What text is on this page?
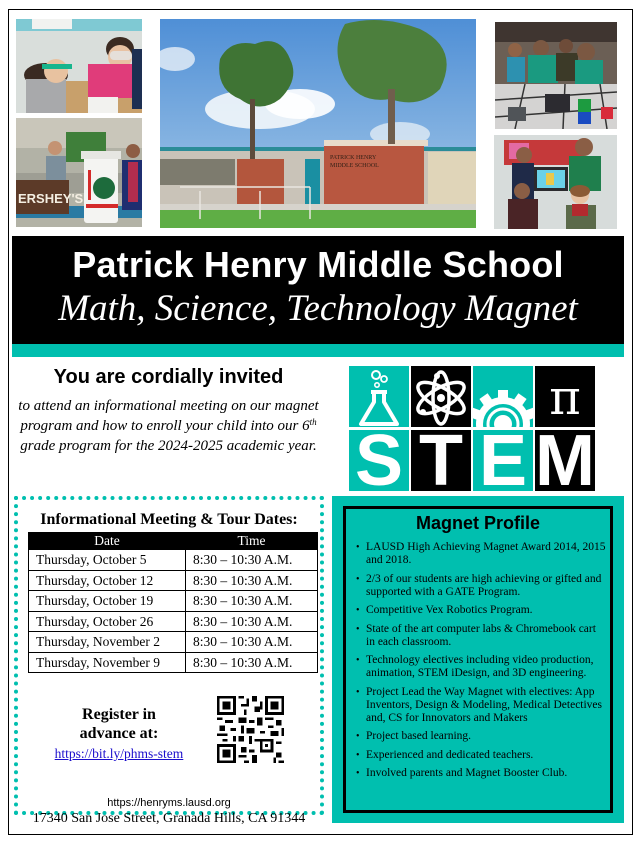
ERSHEY'S
PATRICK HENRY
MIDDLE SCHOOL
Patrick Henry Middle School
Math, Science, Technology Magnet
You are cordially invited
to attend an informational meeting on our magnet program and how to enroll your child into our 6th grade program for the 2024-2025 academic year.
π
S T E M
Informational Meeting & Tour Dates:
Date	Time
Thursday, October 5	8:30 – 10:30 A.M.
Thursday, October 12	8:30 – 10:30 A.M.
Thursday, October 19	8:30 – 10:30 A.M.
Thursday, October 26	8:30 – 10:30 A.M.
Thursday, November 2	8:30 – 10:30 A.M.
Thursday, November 9	8:30 – 10:30 A.M.
Register in
advance at:
https://bit.ly/phms-stem
https://henryms.lausd.org
17340 San Jose Street, Granada Hills, CA 91344
Magnet Profile
• LAUSD High Achieving Magnet Award 2014, 2015 and 2018.
• 2/3 of our students are high achieving or gifted and supported with a GATE Program.
• Competitive Vex Robotics Program.
• State of the art computer labs & Chromebook cart in each classroom.
• Technology electives including video production, animation, STEM iDesign, and 3D engineering.
• Project Lead the Way Magnet with electives: App Inventors, Design & Modeling, Medical Detectives and, CS for Innovators and Makers
• Project based learning.
• Experienced and dedicated teachers.
• Involved parents and Magnet Booster Club.
